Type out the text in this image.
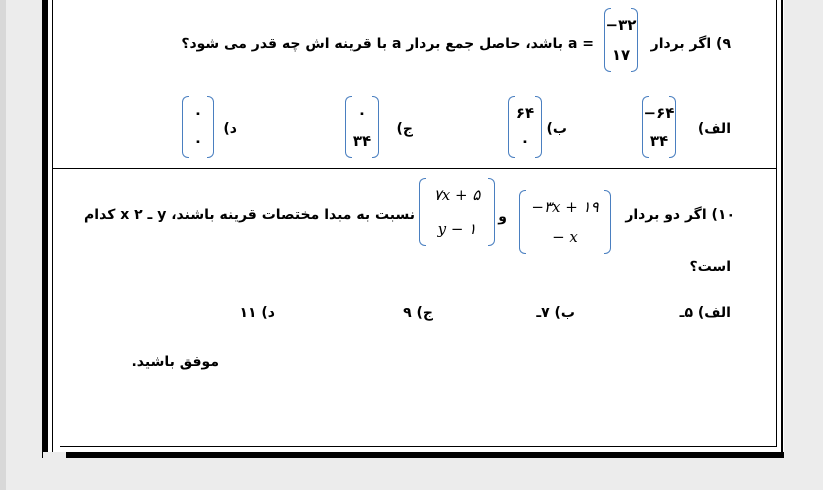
۹) اگر بردار
۳۲−
۱۷
= a باشد، حاصل جمع بردار a با قرینه اش چه قدر می شود؟
الف)
۶۴−
۳۴
ب)
۶۴
۰
ج)
۰
۳۴
د)
۰
۰
۱۰) اگر دو بردار
−۳x + ۱۹
− x
و
۷x + ۵
y − ۱
نسبت به مبدا مختصات قرینه باشند، y ـ x ۲ کدام
است؟
الف) ۵ـ
ب) ۷ـ
ج) ۹
د) ۱۱
موفق باشید.
